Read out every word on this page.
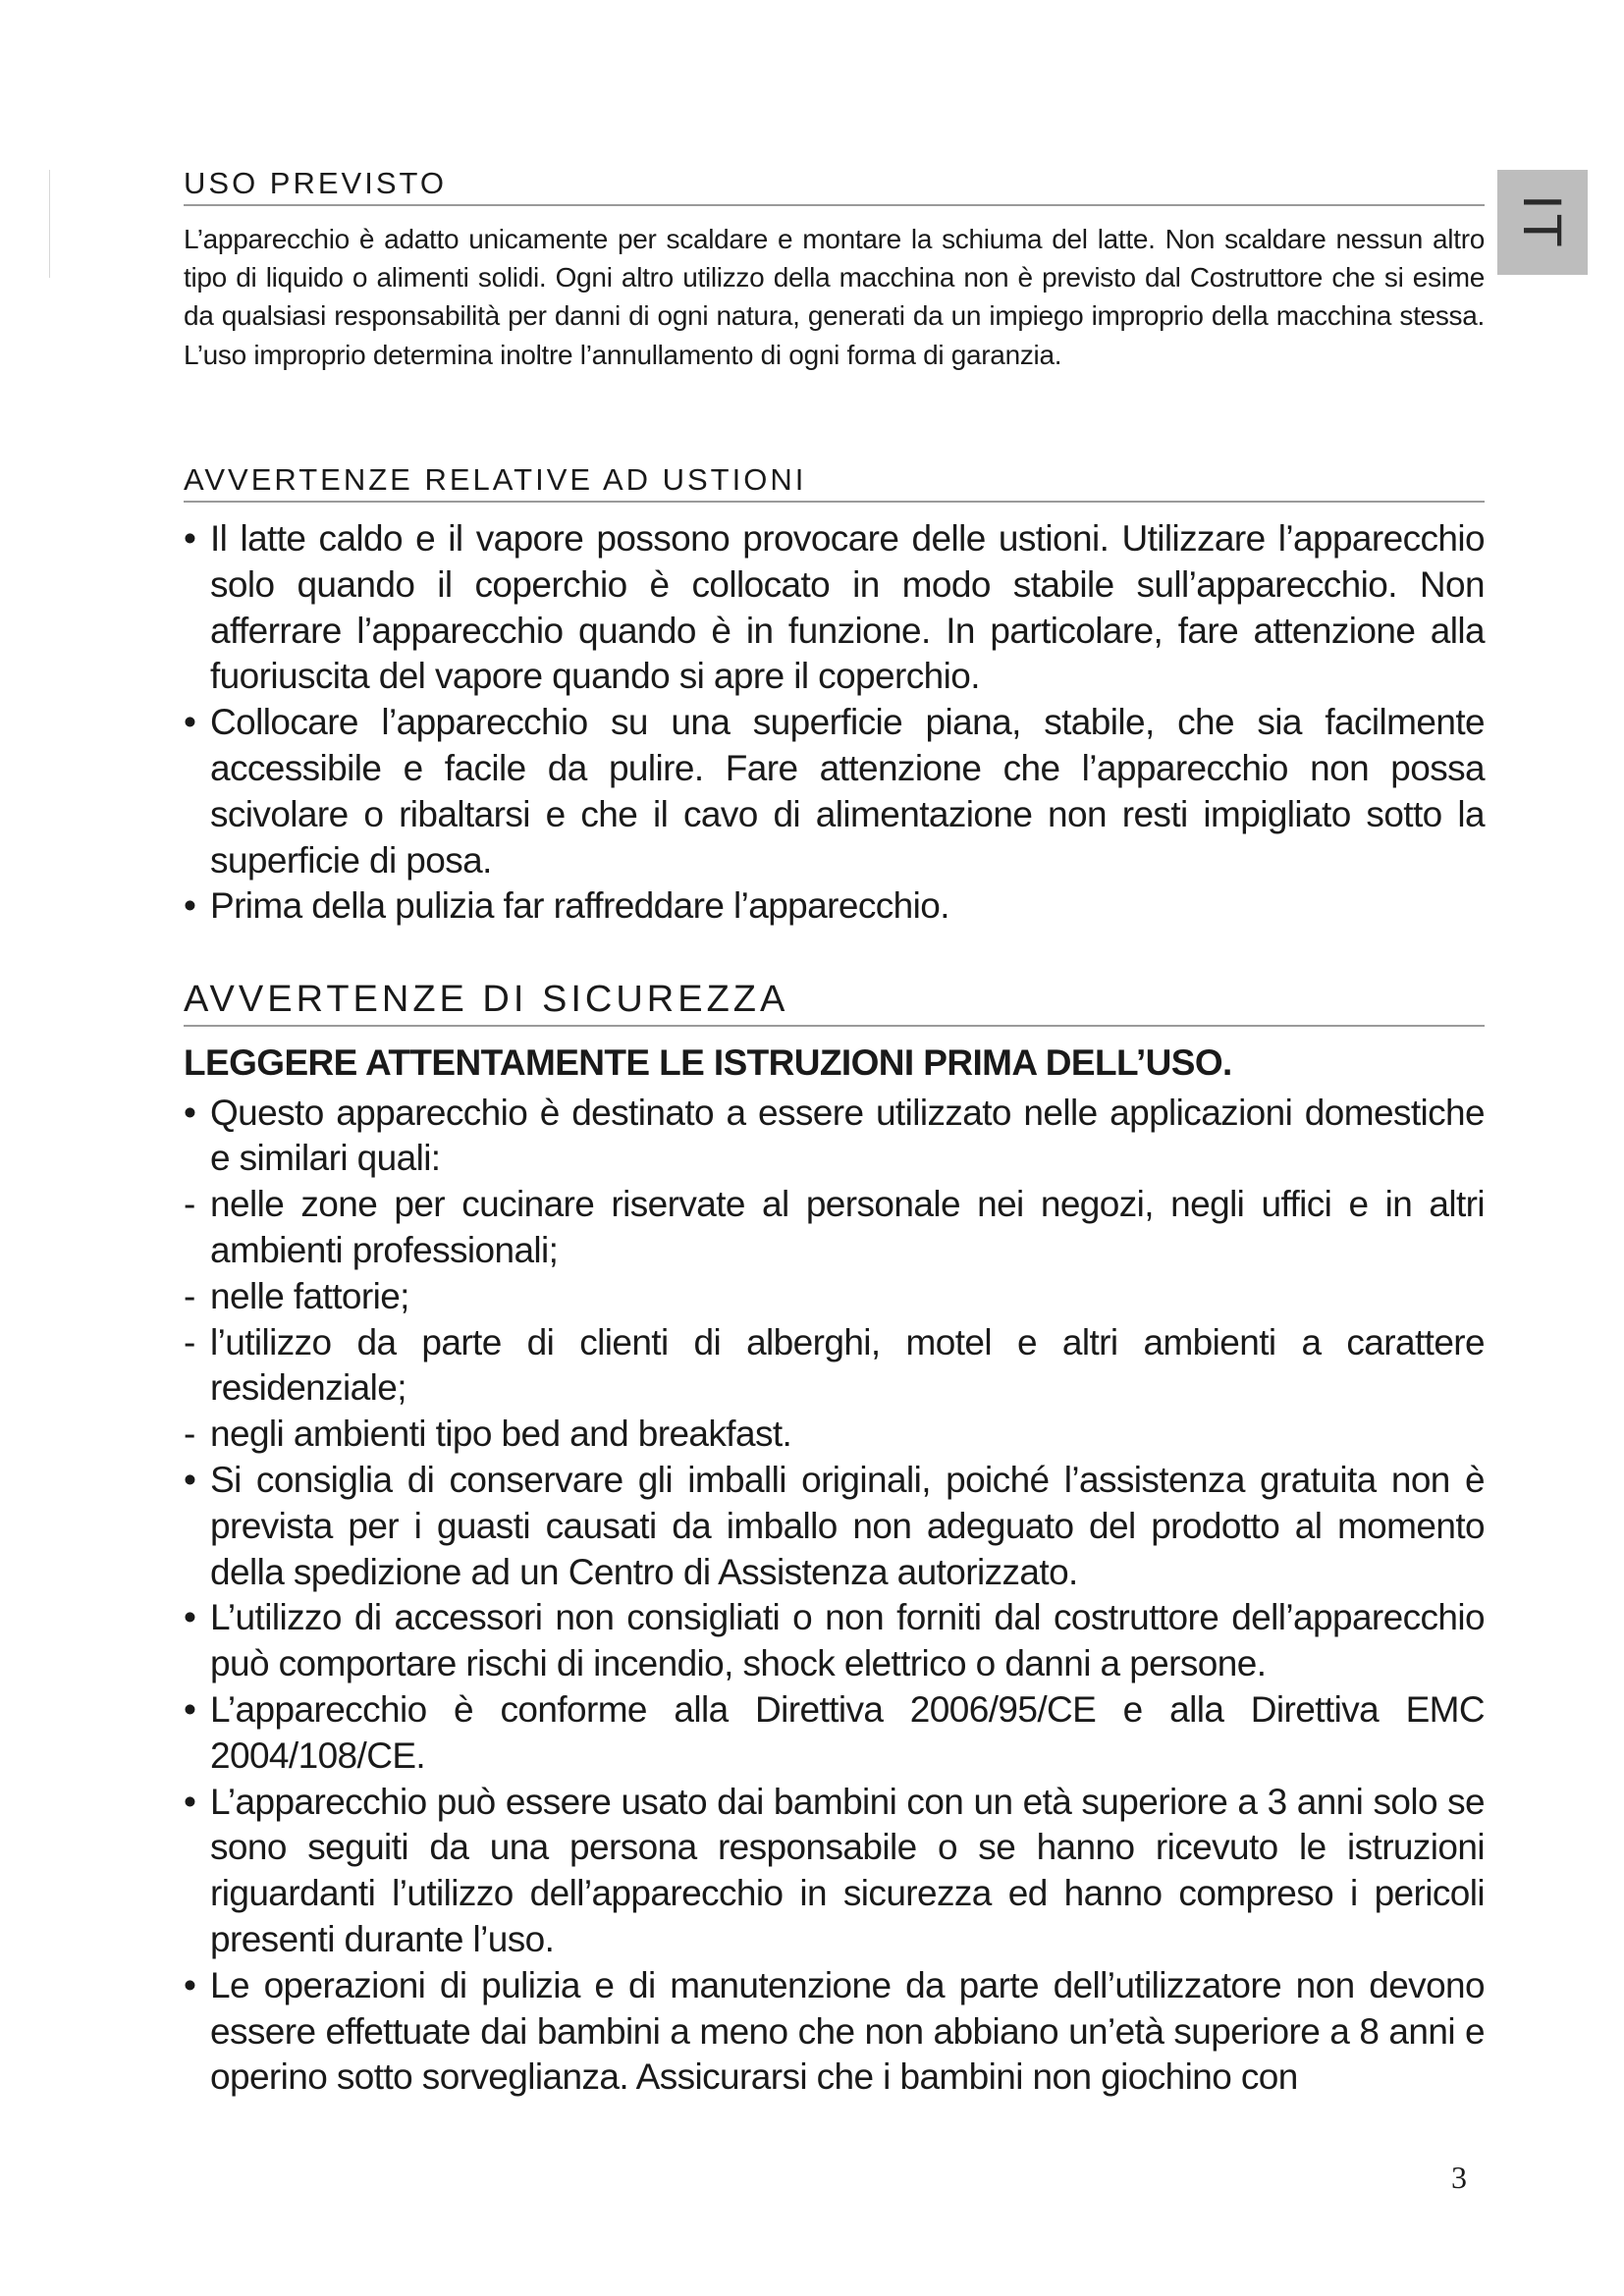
IT
USO PREVISTO

L’apparecchio è adatto unicamente per scaldare e montare la schiuma del latte. Non scaldare nessun altro tipo di liquido o alimenti solidi. Ogni altro utilizzo della macchina non è previsto dal Costruttore che si esime da qualsiasi responsabilità per danni di ogni natura, generati da un impiego improprio della macchina stessa. L’uso improprio determina inoltre l’annullamento di ogni forma di garanzia.

AVVERTENZE RELATIVE AD USTIONI
• Il latte caldo e il vapore possono provocare delle ustioni. Utilizzare l’apparecchio solo quando il coperchio è collocato in modo stabile sull’apparecchio. Non afferrare l’apparecchio quando è in funzione. In particolare, fare attenzione alla fuoriuscita del vapore quando si apre il coperchio.
• Collocare l’apparecchio su una superficie piana, stabile, che sia facilmente accessibile e facile da pulire. Fare attenzione che l’apparecchio non possa scivolare o ribaltarsi e che il cavo di alimentazione non resti impigliato sotto la superficie di posa.
• Prima della pulizia far raffreddare l’apparecchio.
AVVERTENZE DI SICUREZZA
LEGGERE ATTENTAMENTE LE ISTRUZIONI PRIMA DELL’USO.
• Questo apparecchio è destinato a essere utilizzato nelle applicazioni domestiche e similari quali:
- nelle zone per cucinare riservate al personale nei negozi, negli uffici e in altri ambienti professionali;
- nelle fattorie;
- l’utilizzo da parte di clienti di alberghi, motel e altri ambienti a carattere residenziale;
- negli ambienti tipo bed and breakfast.
• Si consiglia di conservare gli imballi originali, poiché l’assistenza gratuita non è prevista per i guasti causati da imballo non adeguato del prodotto al momento della spedizione ad un Centro di Assistenza autorizzato.
• L’utilizzo di accessori non consigliati o non forniti dal costruttore dell’apparecchio può comportare rischi di incendio, shock elettrico o danni a persone.
• L’apparecchio è conforme alla Direttiva 2006/95/CE e alla Direttiva EMC 2004/108/CE.
• L’apparecchio può essere usato dai bambini con un età superiore a 3 anni solo se sono seguiti da una persona responsabile o se hanno ricevuto le istruzioni riguardanti l’utilizzo dell’apparecchio in sicurezza ed hanno compreso i pericoli presenti durante l’uso.
• Le operazioni di pulizia e di manutenzione da parte dell’utilizzatore non devono essere effettuate dai bambini a meno che non abbiano un’età superiore a 8 anni e operino sotto sorveglianza. Assicurarsi che i bambini non giochino con
3
